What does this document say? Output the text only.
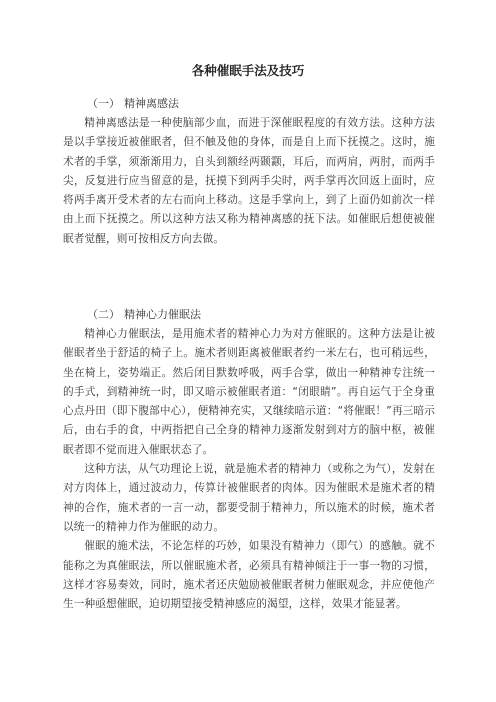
各种催眠手法及技巧

（一） 精神离感法

精神离感法是一种使脑部少血，而进于深催眠程度的有效方法。这种方法是以手掌接近被催眠者，但不触及他的身体，而是自上而下抚摸之。这时，施术者的手掌，须渐渐用力，自头到额经两颞颥，耳后，而两肩，两肘，而两手尖，反复进行应当留意的是，抚摸下到两手尖时，两手掌再次回返上面时，应将两手离开受术者的左右而向上移动。这是手掌向上，到了上面仍如前次一样由上而下抚摸之。所以这种方法又称为精神离感的抚下法。如催眠后想使被催眠者觉醒，则可按相反方向去做。

（二） 精神心力催眠法

精神心力催眠法，是用施术者的精神心力为对方催眠的。这种方法是让被催眠者坐于舒适的椅子上。施术者则距离被催眠者约一米左右，也可稍远些，坐在椅上，姿势端正。然后闭目默数呼吸，两手合掌，做出一种精神专注统一的手式，到精神统一时，即又暗示被催眠者道：“闭眼睛”。再自运气于全身重心点丹田（即下腹部中心），便精神充实，又继续暗示道：“将催眠！”再三暗示后，由右手的食，中两指把自己全身的精神力逐渐发射到对方的脑中枢，被催眠者即不觉而进入催眠状态了。

这种方法，从气功理论上说，就是施术者的精神力（或称之为气），发射在对方肉体上，通过波动力，传算计被催眠者的肉体。因为催眠术是施术者的精神的合作，施术者的一言一动，都要受制于精神力，所以施术的时候，施术者以统一的精神力作为催眠的动力。

催眠的施术法，不论怎样的巧妙，如果没有精神力（即气）的感触。就不能称之为真催眠法，所以催眠施术者，必须具有精神倾注于一事一物的习惯，这样才容易奏效，同时，施术者还庆勉励被催眠者树力催眠观念，并应使他产生一种亟想催眠，迫切期望接受精神感应的渴望，这样，效果才能显著。
